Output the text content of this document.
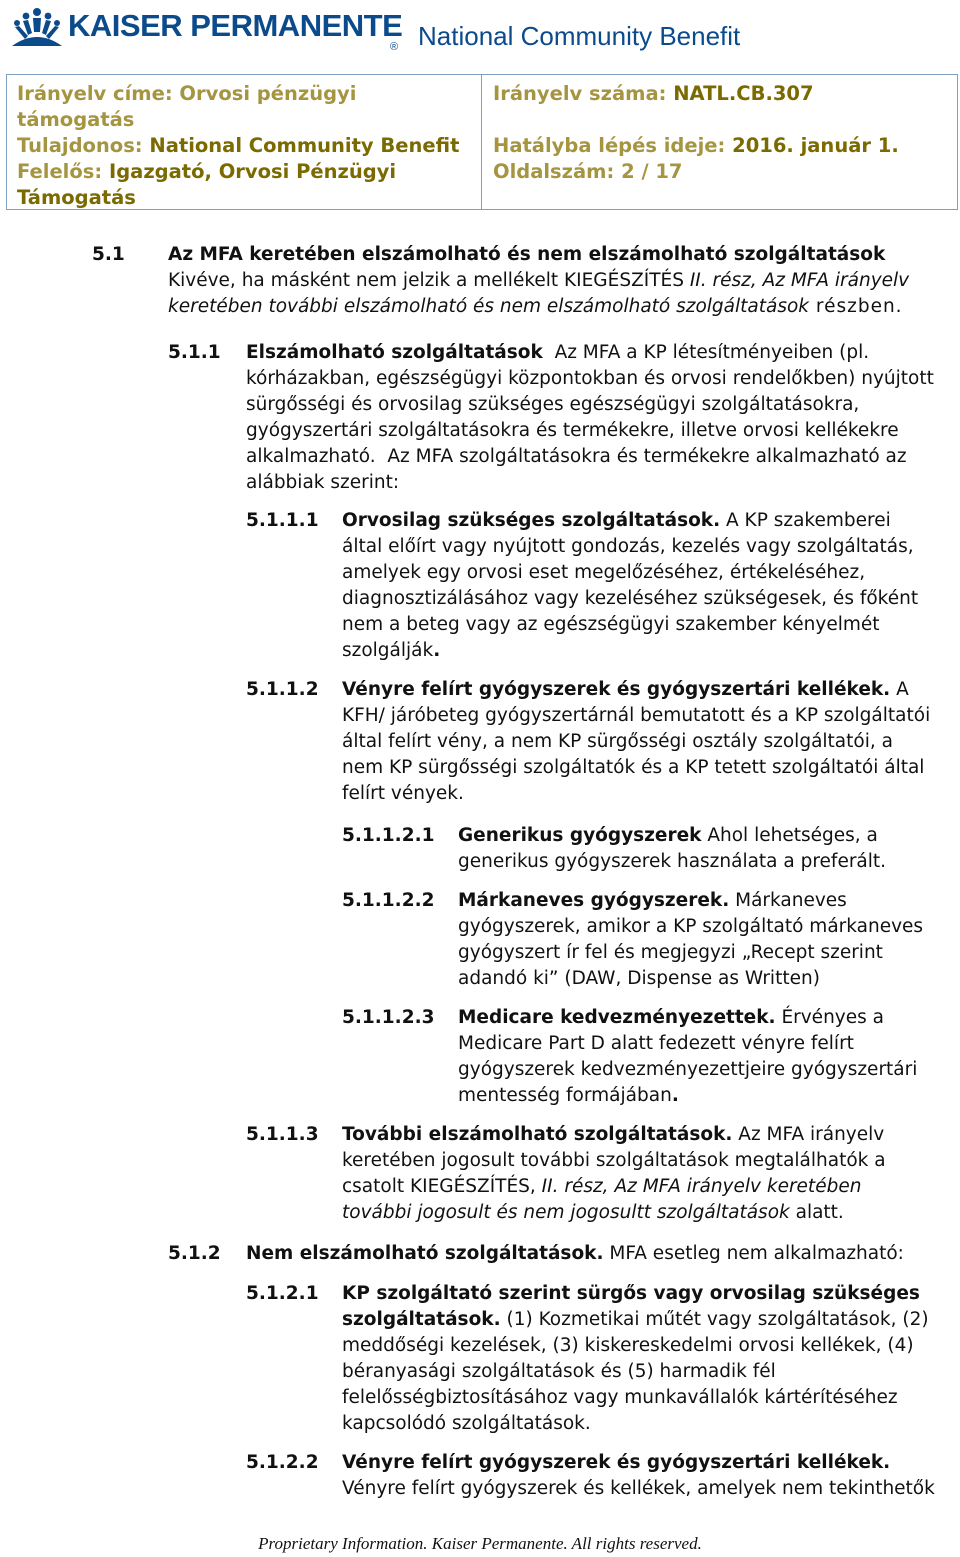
KAISER PERMANENTE
® National Community Benefit
Irányelv címe: Orvosi pénzügyi
támogatás
Irányelv száma: NATL.CB.307
Tulajdonos: National Community Benefit Hatályba lépés ideje: 2016. január 1.
Felelős: Igazgató, Orvosi Pénzügyi
Támogatás
Oldalszám: 2 / 17
5.1 Az MFA keretében elszámolható és nem elszámolható szolgáltatások
Kivéve, ha másként nem jelzik a mellékelt KIEGÉSZÍTÉS II. rész, Az MFA irányelv
keretében további elszámolható és nem elszámolható szolgáltatások részben.
5.1.1 Elszámolható szolgáltatások Az MFA a KP létesítményeiben (pl.
kórházakban, egészségügyi központokban és orvosi rendelőkben) nyújtott
sürgősségi és orvosilag szükséges egészségügyi szolgáltatásokra,
gyógyszertári szolgáltatásokra és termékekre, illetve orvosi kellékekre
alkalmazható. Az MFA szolgáltatásokra és termékekre alkalmazható az
alábbiak szerint:
5.1.1.1 Orvosilag szükséges szolgáltatások. A KP szakemberei
által előírt vagy nyújtott gondozás, kezelés vagy szolgáltatás,
amelyek egy orvosi eset megelőzéséhez, értékeléséhez,
diagnosztizálásához vagy kezeléséhez szükségesek, és főként
nem a beteg vagy az egészségügyi szakember kényelmét
szolgálják.
5.1.1.2 Vényre felírt gyógyszerek és gyógyszertári kellékek. A
KFH/ járóbeteg gyógyszertárnál bemutatott és a KP szolgáltatói
által felírt vény, a nem KP sürgősségi osztály szolgáltatói, a
nem KP sürgősségi szolgáltatók és a KP tetett szolgáltatói által
felírt vények.
5.1.1.2.1 Generikus gyógyszerek Ahol lehetséges, a
generikus gyógyszerek használata a preferált.
5.1.1.2.2 Márkaneves gyógyszerek. Márkaneves
gyógyszerek, amikor a KP szolgáltató márkaneves
gyógyszert ír fel és megjegyzi „Recept szerint
adandó ki” (DAW, Dispense as Written)
5.1.1.2.3 Medicare kedvezményezettek. Érvényes a
Medicare Part D alatt fedezett vényre felírt
gyógyszerek kedvezményezettjeire gyógyszertári
mentesség formájában.
5.1.1.3 További elszámolható szolgáltatások. Az MFA irányelv
keretében jogosult további szolgáltatások megtalálhatók a
csatolt KIEGÉSZÍTÉS, II. rész, Az MFA irányelv keretében
további jogosult és nem jogosultt szolgáltatások alatt.
5.1.2 Nem elszámolható szolgáltatások. MFA esetleg nem alkalmazható:
5.1.2.1 KP szolgáltató szerint sürgős vagy orvosilag szükséges
szolgáltatások. (1) Kozmetikai műtét vagy szolgáltatások, (2)
meddőségi kezelések, (3) kiskereskedelmi orvosi kellékek, (4)
béranyasági szolgáltatások és (5) harmadik fél
felelősségbiztosításához vagy munkavállalók kártérítéséhez
kapcsolódó szolgáltatások.
5.1.2.2 Vényre felírt gyógyszerek és gyógyszertári kellékek.
Vényre felírt gyógyszerek és kellékek, amelyek nem tekinthetők
Proprietary Information. Kaiser Permanente. All rights reserved.
